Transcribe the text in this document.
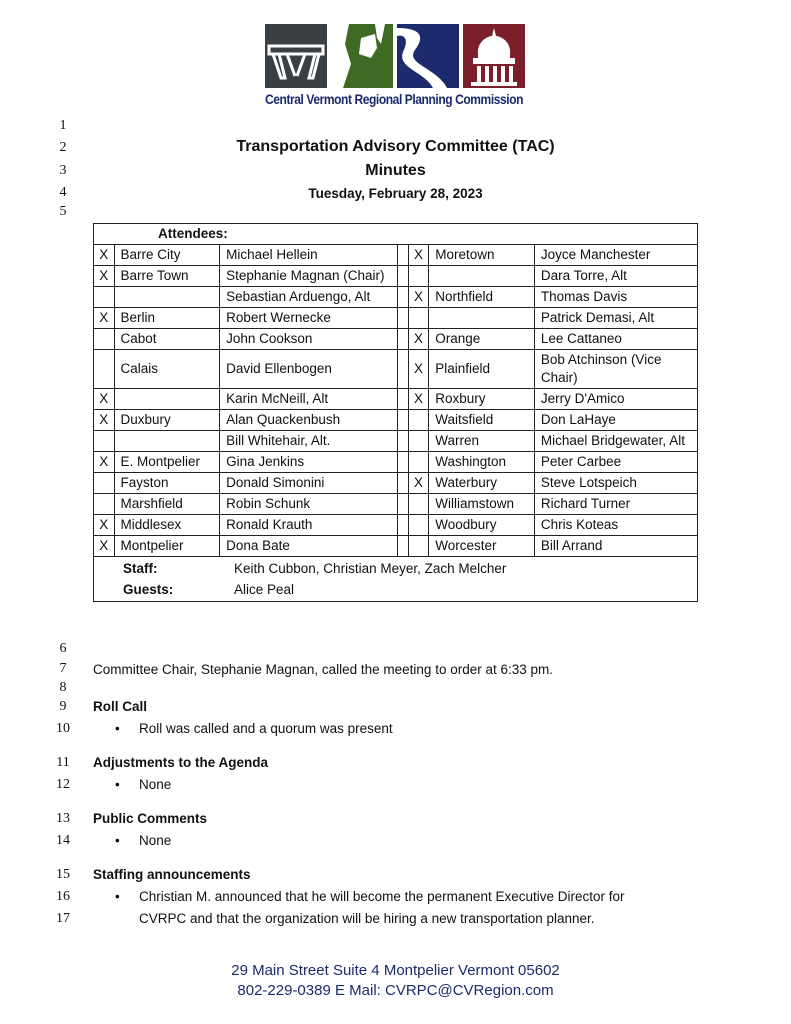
Central Vermont Regional Planning Commission
1
2
3
4
5
6
7
8
9
10
11
12
13
14
15
16
17
Transportation Advisory Committee (TAC)
Minutes
Tuesday, February 28, 2023
Attendees:						
X	Barre City	Michael Hellein		X	Moretown	Joyce Manchester
X	Barre Town	Stephanie Magnan (Chair)				Dara Torre, Alt
		Sebastian Arduengo, Alt		X	Northfield	Thomas Davis
X	Berlin	Robert Wernecke				Patrick Demasi, Alt
	Cabot	John Cookson		X	Orange	Lee Cattaneo
	Calais	David Ellenbogen		X	Plainfield	Bob Atchinson (Vice Chair)
X		Karin McNeill, Alt		X	Roxbury	Jerry D'Amico
X	Duxbury	Alan Quackenbush			Waitsfield	Don LaHaye
		Bill Whitehair, Alt.			Warren	Michael Bridgewater, Alt
X	E. Montpelier	Gina Jenkins			Washington	Peter Carbee
	Fayston	Donald Simonini		X	Waterbury	Steve Lotspeich
	Marshfield	Robin Schunk			Williamstown	Richard Turner
X	Middlesex	Ronald Krauth			Woodbury	Chris Koteas
X	Montpelier	Dona Bate			Worcester	Bill Arrand

Staff: Keith Cubbon, Christian Meyer, Zach Melcher
Guests: Alice Peal						
Committee Chair, Stephanie Magnan, called the meeting to order at 6:33 pm.
Roll Call
• Roll was called and a quorum was present
Adjustments to the Agenda
• None
Public Comments
• None
Staffing announcements
• Christian M. announced that he will become the permanent Executive Director for
CVRPC and that the organization will be hiring a new transportation planner.
29 Main Street Suite 4 Montpelier Vermont 05602
802-229-0389 E Mail: CVRPC@CVRegion.com
